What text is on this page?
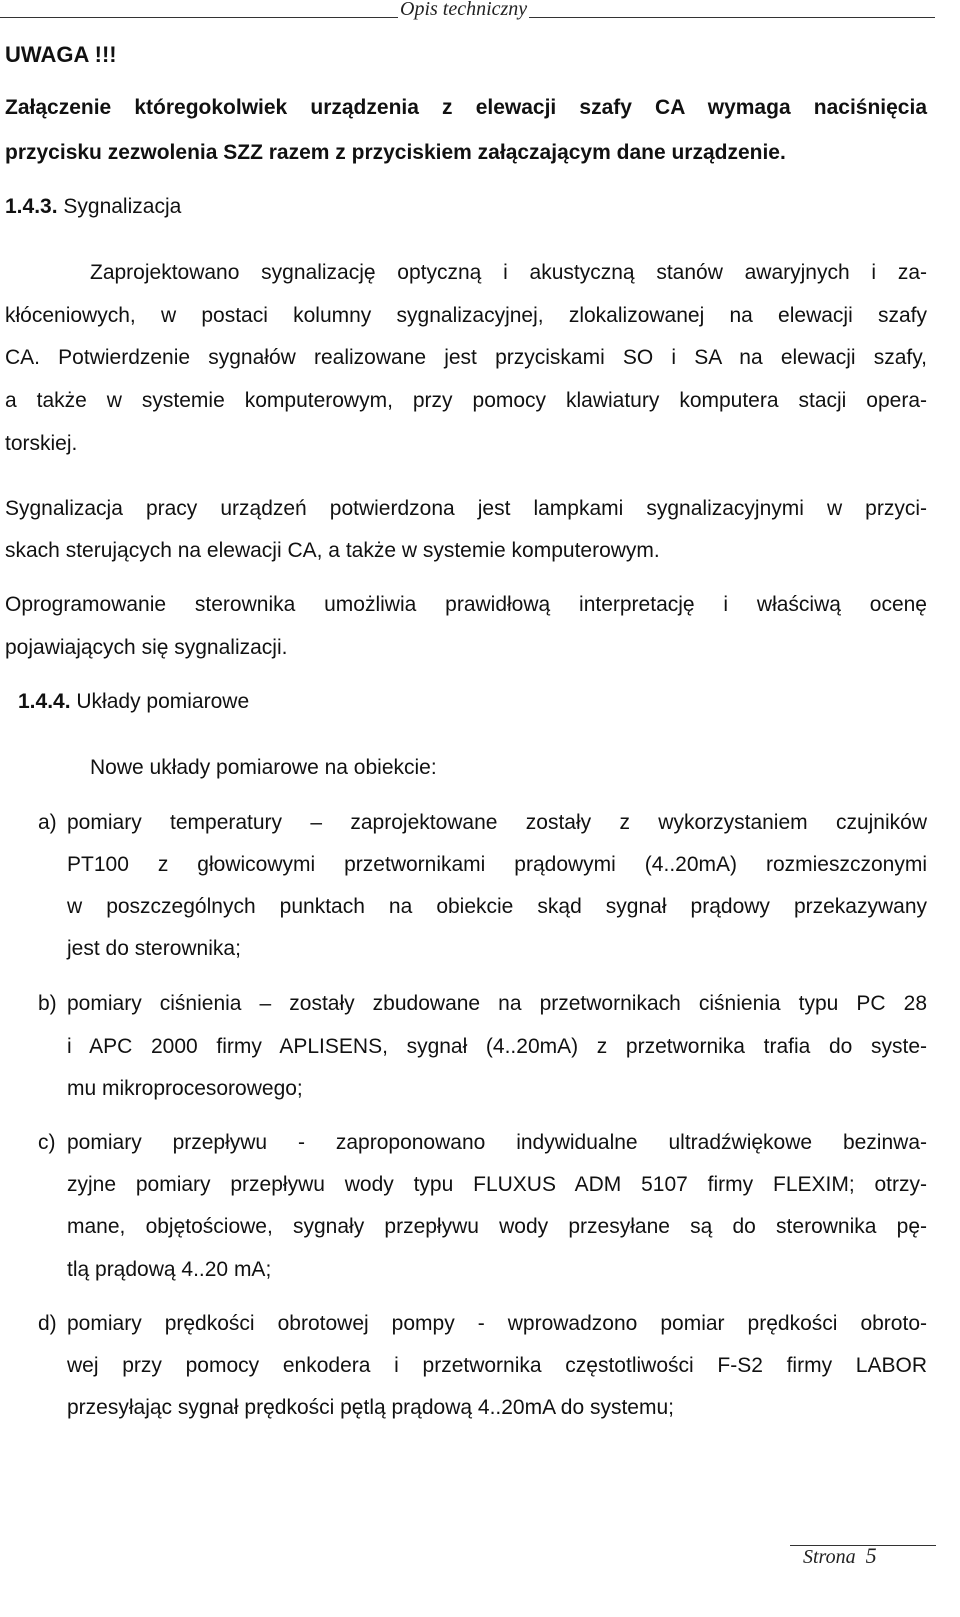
Opis techniczny
UWAGA !!!
Załączenie któregokolwiek urządzenia z elewacji szafy CA wymaga naciśnięcia
przycisku zezwolenia SZZ razem z przyciskiem załączającym dane urządzenie.
1.4.3. Sygnalizacja
Zaprojektowano sygnalizację optyczną i akustyczną stanów awaryjnych i za-
kłóceniowych, w postaci kolumny sygnalizacyjnej, zlokalizowanej na elewacji szafy
CA. Potwierdzenie sygnałów realizowane jest przyciskami SO i SA na elewacji szafy,
a także w systemie komputerowym, przy pomocy klawiatury komputera stacji opera-
torskiej.
Sygnalizacja pracy urządzeń potwierdzona jest lampkami sygnalizacyjnymi w przyci-
skach sterujących na elewacji CA, a także w systemie komputerowym.
Oprogramowanie sterownika umożliwia prawidłową interpretację i właściwą ocenę
pojawiających się sygnalizacji.
1.4.4. Układy pomiarowe
Nowe układy pomiarowe na obiekcie:
a) pomiary temperatury – zaprojektowane zostały z wykorzystaniem czujników
PT100 z głowicowymi przetwornikami prądowymi (4..20mA) rozmieszczonymi
w poszczególnych punktach na obiekcie skąd sygnał prądowy przekazywany
jest do sterownika;
b) pomiary ciśnienia – zostały zbudowane na przetwornikach ciśnienia typu PC 28
i APC 2000 firmy APLISENS, sygnał (4..20mA) z przetwornika trafia do syste-
mu mikroprocesorowego;
c) pomiary przepływu - zaproponowano indywidualne ultradźwiękowe bezinwa-
zyjne pomiary przepływu wody typu FLUXUS ADM 5107 firmy FLEXIM; otrzy-
mane, objętościowe, sygnały przepływu wody przesyłane są do sterownika pę-
tlą prądową 4..20 mA;
d) pomiary prędkości obrotowej pompy - wprowadzono pomiar prędkości obroto-
wej przy pomocy enkodera i przetwornika częstotliwości F-S2 firmy LABOR
przesyłając sygnał prędkości pętlą prądową 4..20mA do systemu;
Strona 5
